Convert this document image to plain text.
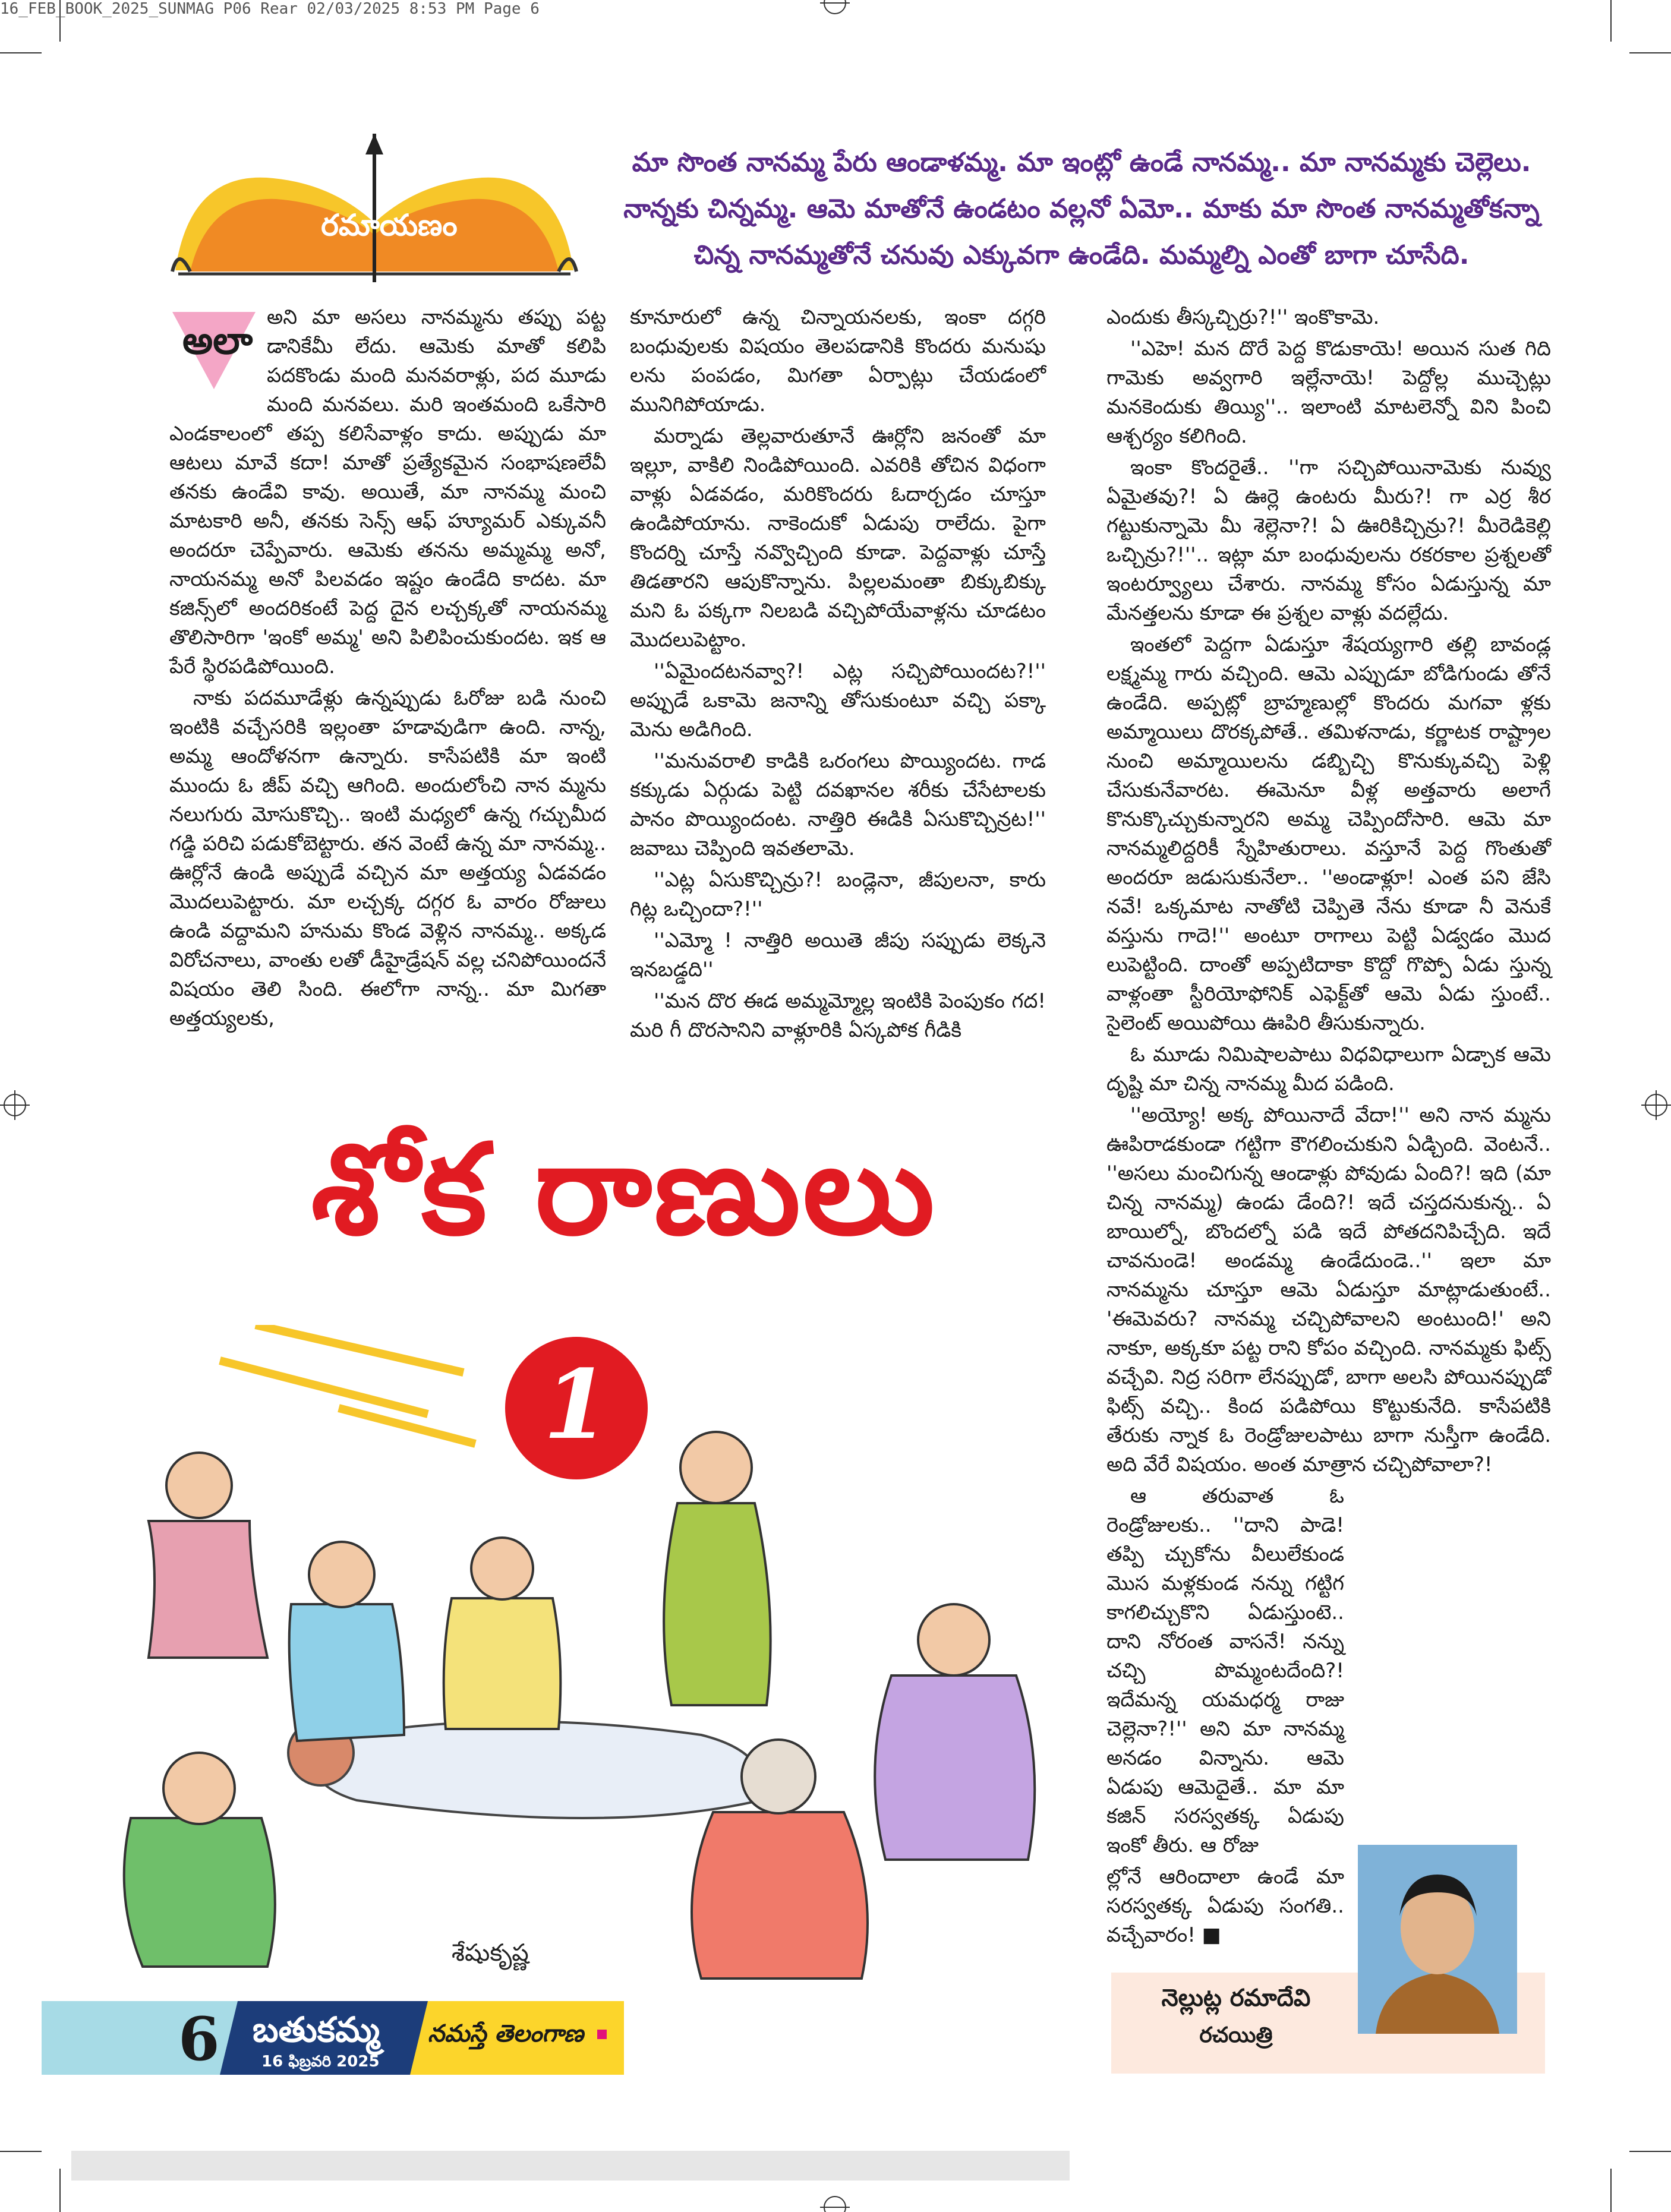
16_FEB_BOOK_2025_SUNMAG P06 Rear 02/03/2025 8:53 PM Page 6
రమాయణం

మా సొంత నానమ్మ పేరు ఆండాళమ్మ. మా ఇంట్లో ఉండే నానమ్మ.. మా నానమ్మకు చెల్లెలు.

నాన్నకు చిన్నమ్మ. ఆమె మాతోనే ఉండటం వల్లనో ఏమో.. మాకు మా సొంత నానమ్మతోకన్నా

చిన్న నానమ్మతోనే చనువు ఎక్కువగా ఉండేది. మమ్మల్ని ఎంతో బాగా చూసేది.

అలా

అని మా అసలు నానమ్మను తప్పు పట్ట డానికేమీ లేదు. ఆమెకు మాతో కలిపి పదకొండు మంది మనవరాళ్లు, పద మూడు మంది మనవలు. మరి ఇంతమంది ఒకేసారి ఎండకాలంలో తప్ప కలిసేవాళ్లం కాదు. అప్పుడు మా ఆటలు మావే కదా! మాతో ప్రత్యేకమైన సంభాషణలేవీ తనకు ఉండేవి కావు. అయితే, మా నానమ్మ మంచి మాటకారి అనీ, తనకు సెన్స్ ఆఫ్ హ్యూమర్ ఎక్కువనీ అందరూ చెప్పేవారు. ఆమెకు తనను అమ్మమ్మ అనో, నాయనమ్మ అనో పిలవడం ఇష్టం ఉండేది కాదట. మా కజిన్స్‌లో అందరికంటే పెద్ద దైన లచ్చక్కతో నాయనమ్మ తొలిసారిగా 'ఇంకో అమ్మ' అని పిలిపించుకుందట. ఇక ఆ పేరే స్థిరపడిపోయింది.

నాకు పదమూడేళ్లు ఉన్నప్పుడు ఓరోజు బడి నుంచి ఇంటికి వచ్చేసరికి ఇల్లంతా హడావుడిగా ఉంది. నాన్న, అమ్మ ఆందోళనగా ఉన్నారు. కాసేపటికి మా ఇంటి ముందు ఓ జీప్ వచ్చి ఆగింది. అందులోంచి నాన మ్మను నలుగురు మోసుకొచ్చి.. ఇంటి మధ్యలో ఉన్న గచ్చుమీద గడ్డి పరిచి పడుకోబెట్టారు. తన వెంటే ఉన్న మా నానమ్మ.. ఊర్లోనే ఉండి అప్పుడే వచ్చిన మా అత్తయ్య ఏడవడం మొదలుపెట్టారు. మా లచ్చక్క దగ్గర ఓ వారం రోజులు ఉండి వద్దామని హనుమ కొండ వెళ్లిన నానమ్మ.. అక్కడ విరోచనాలు, వాంతు లతో డీహైడ్రేషన్ వల్ల చనిపోయిందనే విషయం తెలి సింది. ఈలోగా నాన్న.. మా మిగతా అత్తయ్యలకు,

కూనూరులో ఉన్న చిన్నాయనలకు, ఇంకా దగ్గరి బంధువులకు విషయం తెలపడానికి కొందరు మనుషు లను పంపడం, మిగతా ఏర్పాట్లు చేయడంలో మునిగిపోయాడు.

మర్నాడు తెల్లవారుతూనే ఊర్లోని జనంతో మా ఇల్లూ, వాకిలి నిండిపోయింది. ఎవరికి తోచిన విధంగా వాళ్లు ఏడవడం, మరికొందరు ఓదార్చడం చూస్తూ ఉండిపోయాను. నాకెందుకో ఏడుపు రాలేదు. పైగా కొందర్ని చూస్తే నవ్వొచ్చింది కూడా. పెద్దవాళ్లు చూస్తే తిడతారని ఆపుకొన్నాను. పిల్లలమంతా బిక్కుబిక్కు మని ఓ పక్కగా నిలబడి వచ్చిపోయేవాళ్లను చూడటం మొదలుపెట్టాం.

''ఏమైందటనవ్వా?! ఎట్ల సచ్చిపోయిందట?!'' అప్పుడే ఒకామె జనాన్ని తోసుకుంటూ వచ్చి పక్కా మెను అడిగింది.

''మనువరాలి కాడికి ఒరంగలు పొయ్యిందట. గాడ కక్కుడు ఏర్గుడు పెట్టి దవఖానల శరీకు చేసేటాలకు పానం పొయ్యిందంట. నాత్తిరి ఈడికి ఏసుకొచ్చిన్రట!'' జవాబు చెప్పింది ఇవతలామె.

''ఎట్ల ఏసుకొచ్చిన్రు?! బండ్లెనా, జీపులనా, కారు గిట్ల ఒచ్చిందా?!''

''ఎమ్మో ! నాత్తిరి అయితె జీపు సప్పుడు లెక్కనె ఇనబడ్డది''

''మన దొర ఈడ అమ్మమ్మోల్ల ఇంటికి పెంపుకం గద! మరి గీ దొరసానిని వాళ్లూరికి ఏస్కపోక గీడికి

ఎందుకు తీస్కచ్చిర్రు?!'' ఇంకొకామె.

''ఎహె! మన దొరే పెద్ద కొడుకాయె! అయిన సుత గిది గామెకు అవ్వగారి ఇల్లేనాయె! పెద్దోల్ల ముచ్చెట్లు మనకెందుకు తియ్యి''.. ఇలాంటి మాటలెన్నో విని పించి ఆశ్చర్యం కలిగింది.

ఇంకా కొందరైతే.. ''గా సచ్చిపోయినామెకు నువ్వు ఏమైతవు?! ఏ ఊర్లె ఉంటరు మీరు?! గా ఎర్ర శీర గట్టుకున్నామె మీ శెల్లెనా?! ఏ ఊరికిచ్చిన్రు?! మీరెడికెల్లి ఒచ్చిన్రు?!''.. ఇట్లా మా బంధువులను రకరకాల ప్రశ్నలతో ఇంటర్వ్యూలు చేశారు. నానమ్మ కోసం ఏడుస్తున్న మా మేనత్తలను కూడా ఈ ప్రశ్నల వాళ్లు వదల్లేదు.

ఇంతలో పెద్దగా ఏడుస్తూ శేషయ్యగారి తల్లి బావండ్ల లక్ష్మమ్మ గారు వచ్చింది. ఆమె ఎప్పుడూ బోడిగుండు తోనే ఉండేది. అప్పట్లో బ్రాహ్మణుల్లో కొందరు మగవా ళ్లకు అమ్మాయిలు దొరక్కపోతే.. తమిళనాడు, కర్ణాటక రాష్ట్రాల నుంచి అమ్మాయిలను డబ్బిచ్చి కొనుక్కువచ్చి పెళ్లి చేసుకునేవారట. ఈమెనూ వీళ్ల అత్తవారు అలాగే కొనుక్కొచ్చుకున్నారని అమ్మ చెప్పిందోసారి. ఆమె మా నానమ్మలిద్దరికీ స్నేహితురాలు. వస్తూనే పెద్ద గొంతుతో అందరూ జడుసుకునేలా.. ''అండాళ్లూ! ఎంత పని జేసి నవే! ఒక్కమాట నాతోటి చెప్పితె నేను కూడా నీ వెనుకే వస్తును గాదె!'' అంటూ రాగాలు పెట్టి ఏడ్వడం మొద లుపెట్టింది. దాంతో అప్పటిదాకా కొద్దో గొప్పో ఏడు స్తున్న వాళ్లంతా స్టీరియోఫోనిక్ ఎఫెక్ట్‌తో ఆమె ఏడు స్తుంటే.. సైలెంట్ అయిపోయి ఊపిరి తీసుకున్నారు.

ఓ మూడు నిమిషాలపాటు విధవిధాలుగా ఏడ్చాక ఆమె దృష్టి మా చిన్న నానమ్మ మీద పడింది.

''అయ్యో! అక్క పోయినాదే వేదా!'' అని నాన మ్మను ఊపిరాడకుండా గట్టిగా కౌగలించుకుని ఏడ్చింది. వెంటనే.. ''అసలు మంచిగున్న ఆండాళ్లు పోవుడు ఏంది?! ఇది (మా చిన్న నానమ్మ) ఉండు డేంది?! ఇదే చస్తదనుకున్న.. ఏ బాయిల్నో, బొందల్నో పడి ఇదే పోతదనిపిచ్చేది. ఇదే చావనుండె! అండమ్మ ఉండేదుండె..'' ఇలా మా నానమ్మను చూస్తూ ఆమె ఏడుస్తూ మాట్లాడుతుంటే.. 'ఈమెవరు? నానమ్మ చచ్చిపోవాలని అంటుంది!' అని నాకూ, అక్కకూ పట్ట రాని కోపం వచ్చింది. నానమ్మకు ఫిట్స్ వచ్చేవి. నిద్ర సరిగా లేనప్పుడో, బాగా అలసి పోయినప్పుడో ఫిట్స్ వచ్చి.. కింద పడిపోయి కొట్టుకునేది. కాసేపటికి తేరుకు న్నాక ఓ రెండ్రోజులపాటు బాగా నుస్తీగా ఉండేది. అది వేరే విషయం. అంత మాత్రాన చచ్చిపోవాలా?!

ఆ తరువాత ఓ రెండ్రోజులకు.. ''దాని పాడె! తప్పి చ్చుకోను వీలులేకుండ మొస మళ్లకుండ నన్ను గట్టిగ కాగలిచ్చుకొని ఏడుస్తుంటె.. దాని నోరంత వాసనే! నన్ను చచ్చి పొమ్మంటదేంది?! ఇదేమన్న యమధర్మ రాజు చెల్లెనా?!'' అని మా నానమ్మ అనడం విన్నాను. ఆమె ఏడుపు ఆమెదైతే.. మా మా కజిన్ సరస్వతక్క ఏడుపు ఇంకో తీరు. ఆ రోజు

ల్లోనే ఆరిందాలా ఉండే మా సరస్వతక్క ఏడుపు సంగతి.. వచ్చేవారం! ■

శోక రాణులు
శేషుకృష్ణ
1
నెల్లుట్ల రమాదేవి
రచయిత్రి
6 బతుకమ్మ
16 ఫిబ్రవరి 2025
నమస్తే తెలంగాణ
